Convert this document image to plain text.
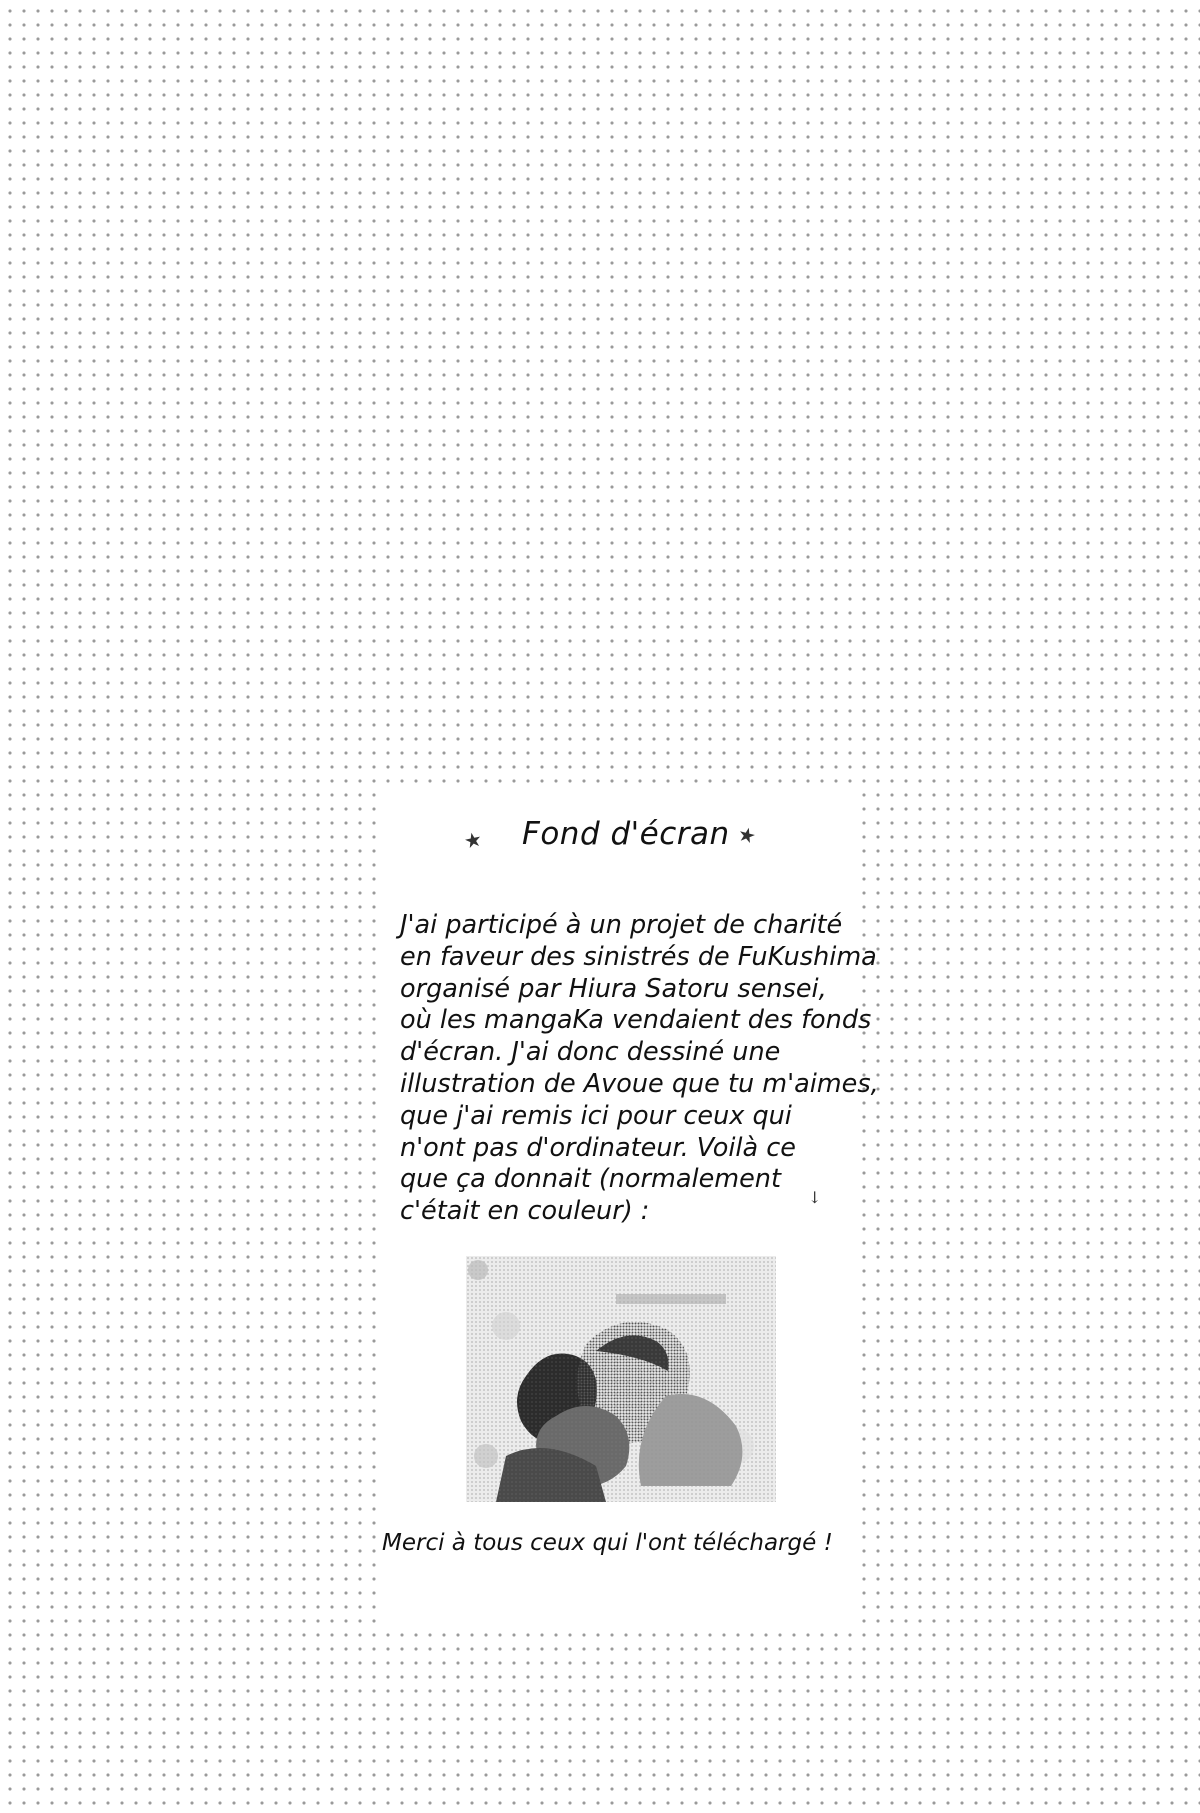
★ Fond d'écran ★
J'ai participé à un projet de charité
en faveur des sinistrés de FuKushima
organisé par Hiura Satoru sensei,
où les mangaKa vendaient des fonds
d'écran. J'ai donc dessiné une
illustration de Avoue que tu m'aimes,
que j'ai remis ici pour ceux qui
n'ont pas d'ordinateur. Voilà ce
que ça donnait (normalement
c'était en couleur) :	↓
Merci à tous ceux qui l'ont téléchargé !
